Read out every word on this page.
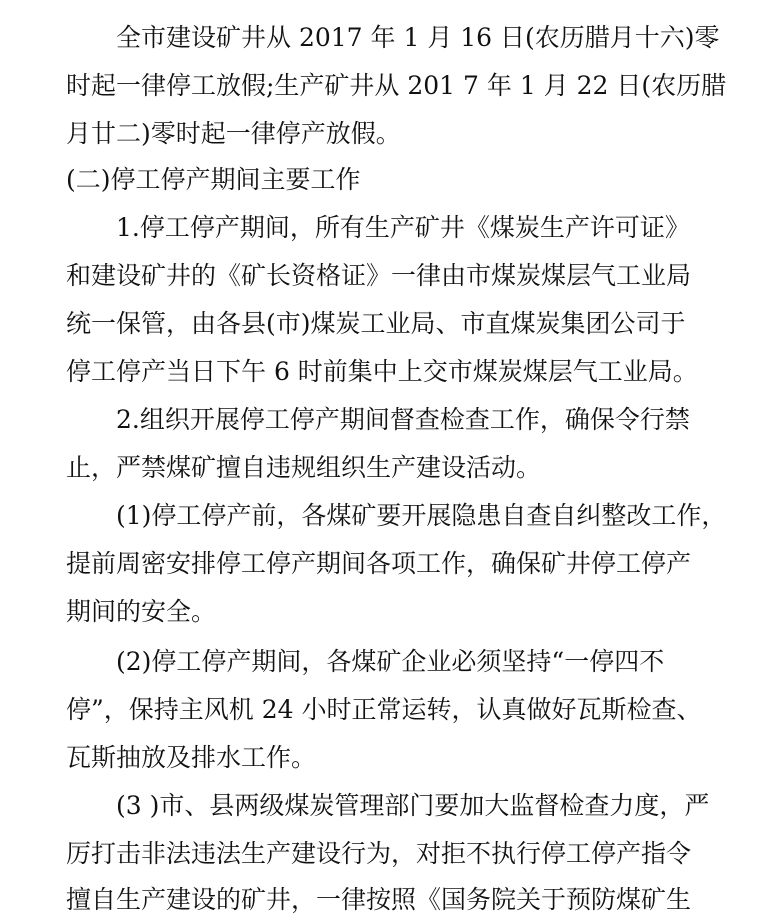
全市建设矿井从 2017 年 1 月 16 日(农历腊月十六)零
时起一律停工放假;生产矿井从 201 7 年 1 月 22 日(农历腊
月廿二)零时起一律停产放假。
(二)停工停产期间主要工作
1.停工停产期间，所有生产矿井《煤炭生产许可证》
和建设矿井的《矿长资格证》一律由市煤炭煤层气工业局
统一保管，由各县(市)煤炭工业局、市直煤炭集团公司于
停工停产当日下午 6 时前集中上交市煤炭煤层气工业局。
2.组织开展停工停产期间督查检查工作，确保令行禁
止，严禁煤矿擅自违规组织生产建设活动。
(1)停工停产前，各煤矿要开展隐患自查自纠整改工作，
提前周密安排停工停产期间各项工作，确保矿井停工停产
期间的安全。
(2)停工停产期间，各煤矿企业必须坚持“一停四不
停”，保持主风机 24 小时正常运转，认真做好瓦斯检查、
瓦斯抽放及排水工作。
(3 )市、县两级煤炭管理部门要加大监督检查力度，严
厉打击非法违法生产建设行为，对拒不执行停工停产指令
擅自生产建设的矿井，一律按照《国务院关于预防煤矿生
